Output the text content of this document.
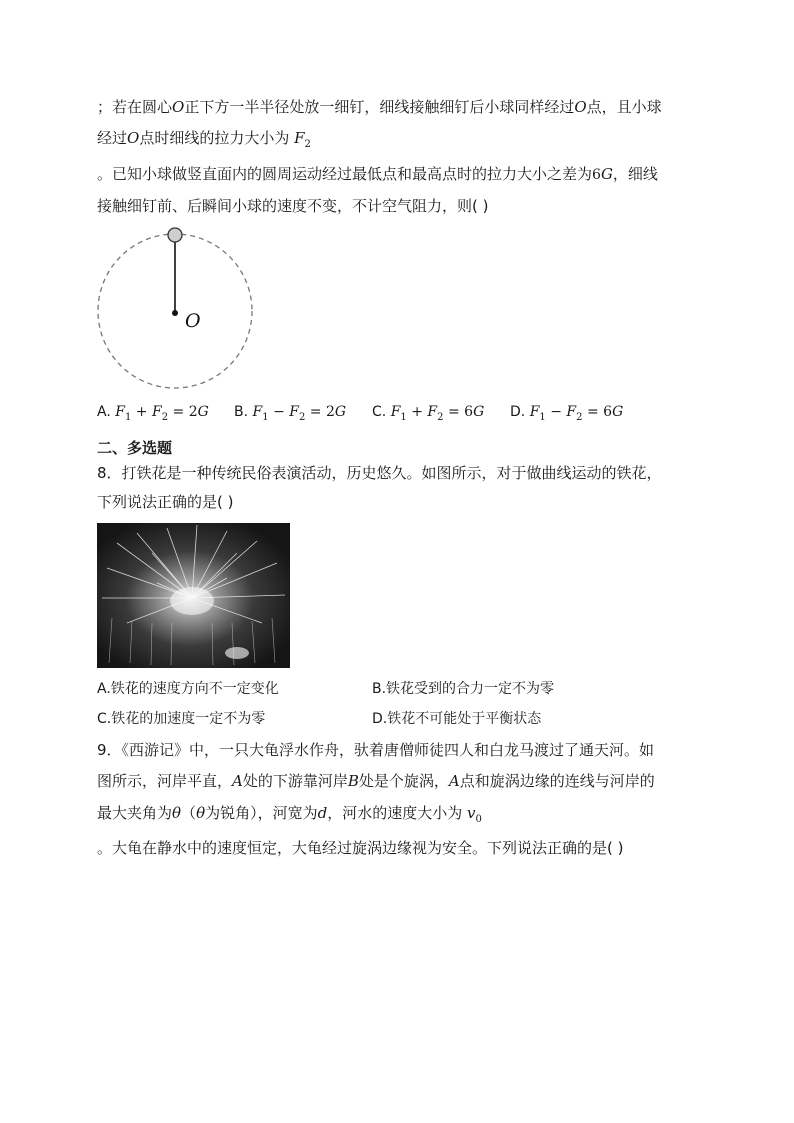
；若在圆心O正下方一半半径处放一细钉，细线接触细钉后小球同样经过O点，且小球
经过O点时细线的拉力大小为 $F_2$
。已知小球做竖直面内的圆周运动经过最低点和最高点时的拉力大小之差为6G，细线
接触细钉前、后瞬间小球的速度不变，不计空气阻力，则( )
O
A. $F_1 + F_2 = 2G$ B. $F_1 - F_2 = 2G$ C. $F_1 + F_2 = 6G$ D. $F_1 - F_2 = 6G$
二、多选题
8．打铁花是一种传统民俗表演活动，历史悠久。如图所示，对于做曲线运动的铁花，
下列说法正确的是( )
A.铁花的速度方向不一定变化	B.铁花受到的合力一定不为零
C.铁花的加速度一定不为零	D.铁花不可能处于平衡状态
9．《西游记》中，一只大龟浮水作舟，驮着唐僧师徒四人和白龙马渡过了通天河。如
图所示，河岸平直，A处的下游靠河岸B处是个旋涡，A点和旋涡边缘的连线与河岸的
最大夹角为θ（θ为锐角），河宽为d，河水的速度大小为 $v_0$
。大龟在静水中的速度恒定，大龟经过旋涡边缘视为安全。下列说法正确的是( )
